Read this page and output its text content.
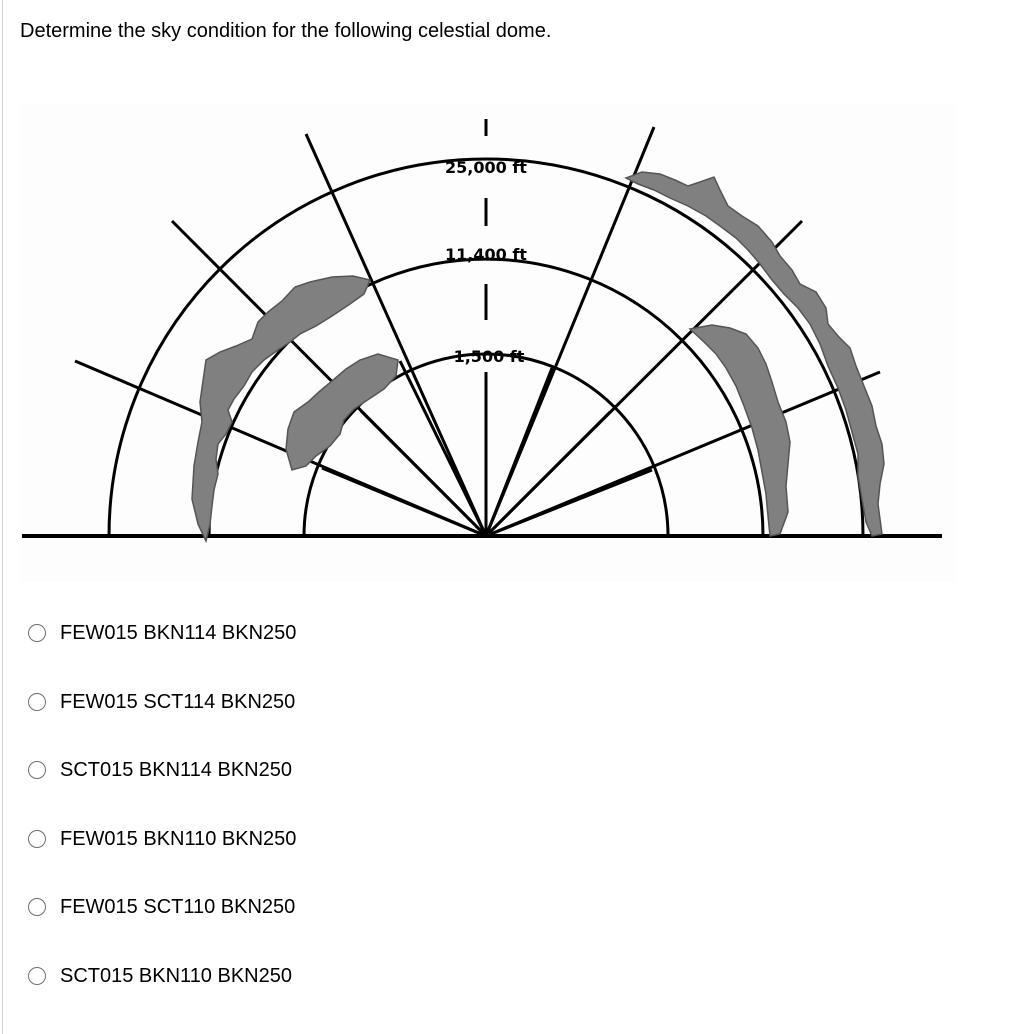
Determine the sky condition for the following celestial dome.
25,000 ft
11,400 ft
1,500 ft
FEW015 BKN114 BKN250
FEW015 SCT114 BKN250
SCT015 BKN114 BKN250
FEW015 BKN110 BKN250
FEW015 SCT110 BKN250
SCT015 BKN110 BKN250
